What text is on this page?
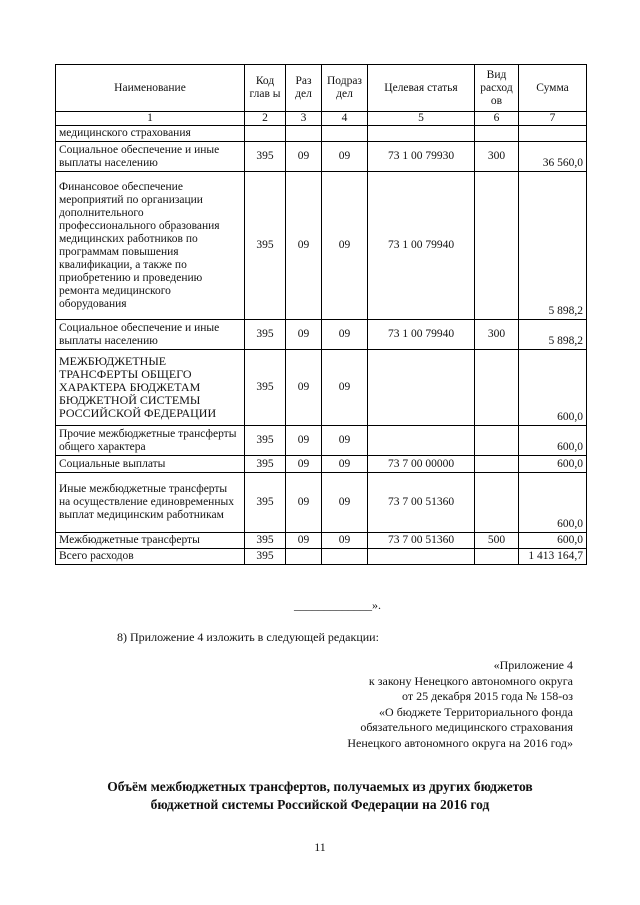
Наименование	Код глав ы	Раз дел	Подраз дел	Целевая статья	Вид расход ов	Сумма
1	2	3	4	5	6	7
медицинского страхования						
Социальное обеспечение и иные выплаты населению	395	09	09	73 1 00 79930	300	36 560,0
Финансовое обеспечение мероприятий по организации дополнительного профессионального образования медицинских работников по программам повышения квалификации, а также по приобретению и проведению ремонта медицинского оборудования	395	09	09	73 1 00 79940		5 898,2
Социальное обеспечение и иные выплаты населению	395	09	09	73 1 00 79940	300	5 898,2
МЕЖБЮДЖЕТНЫЕ ТРАНСФЕРТЫ ОБЩЕГО ХАРАКТЕРА БЮДЖЕТАМ БЮДЖЕТНОЙ СИСТЕМЫ РОССИЙСКОЙ ФЕДЕРАЦИИ	395	09	09			600,0
Прочие межбюджетные трансферты общего характера	395	09	09			600,0
Социальные выплаты	395	09	09	73 7 00 00000		600,0
Иные межбюджетные трансферты на осуществление единовременных выплат медицинским работникам	395	09	09	73 7 00 51360		600,0
Межбюджетные трансферты	395	09	09	73 7 00 51360	500	600,0
Всего расходов	395					1 413 164,7
_____________».
8) Приложение 4 изложить в следующей редакции:
«Приложение 4
к закону Ненецкого автономного округа
от 25 декабря 2015 года № 158-оз
«О бюджете Территориального фонда
обязательного медицинского страхования
Ненецкого автономного округа на 2016 год»
Объём межбюджетных трансфертов, получаемых из других бюджетов
бюджетной системы Российской Федерации на 2016 год
11
